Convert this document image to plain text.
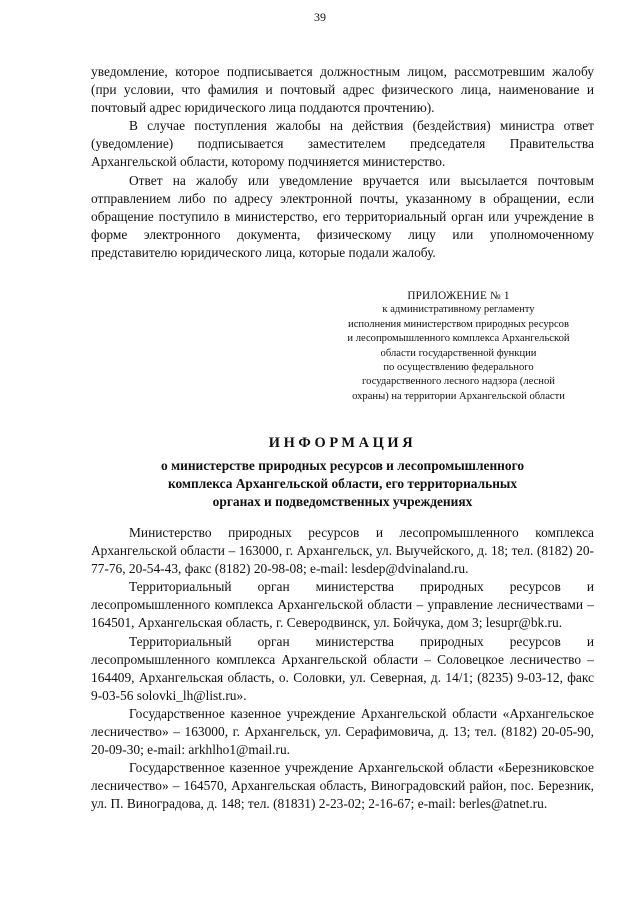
39

уведомление, которое подписывается должностным лицом, рассмотревшим жалобу (при условии, что фамилия и почтовый адрес физического лица, наименование и почтовый адрес юридического лица поддаются прочтению).

В случае поступления жалобы на действия (бездействия) министра ответ (уведомление) подписывается заместителем председателя Правительства Архангельской области, которому подчиняется министерство.

Ответ на жалобу или уведомление вручается или высылается почтовым отправлением либо по адресу электронной почты, указанному в обращении, если обращение поступило в министерство, его территориальный орган или учреждение в форме электронного документа, физическому лицу или уполномоченному представителю юридического лица, которые подали жалобу.

ПРИЛОЖЕНИЕ № 1
к административному регламенту
исполнения министерством природных ресурсов
и лесопромышленного комплекса Архангельской
области государственной функции
по осуществлению федерального
государственного лесного надзора (лесной
охраны) на территории Архангельской области
ИНФОРМАЦИЯ
о министерстве природных ресурсов и лесопромышленного
комплекса Архангельской области, его территориальных
органах и подведомственных учреждениях

Министерство природных ресурсов и лесопромышленного комплекса Архангельской области – 163000, г. Архангельск, ул. Выучейского, д. 18; тел. (8182) 20-77-76, 20-54-43, факс (8182) 20-98-08; e-mail: lesdep@dvinaland.ru.

Территориальный орган министерства природных ресурсов и лесопромышленного комплекса Архангельской области – управление лесничествами – 164501, Архангельская область, г. Северодвинск, ул. Бойчука, дом 3; lesupr@bk.ru.

Территориальный орган министерства природных ресурсов и лесопромышленного комплекса Архангельской области – Соловецкое лесничество – 164409, Архангельская область, о. Соловки, ул. Северная, д. 14/1; (8235) 9-03-12, факс 9-03-56 solovki_lh@list.ru».

Государственное казенное учреждение Архангельской области «Архангельское лесничество» – 163000, г. Архангельск, ул. Серафимовича, д. 13; тел. (8182) 20-05-90, 20-09-30; e-mail: arkhlho1@mail.ru.

Государственное казенное учреждение Архангельской области «Березниковское лесничество» – 164570, Архангельская область, Виноградовский район, пос. Березник, ул. П. Виноградова, д. 148; тел. (81831) 2-23-02; 2-16-67; e-mail: berles@atnet.ru.
